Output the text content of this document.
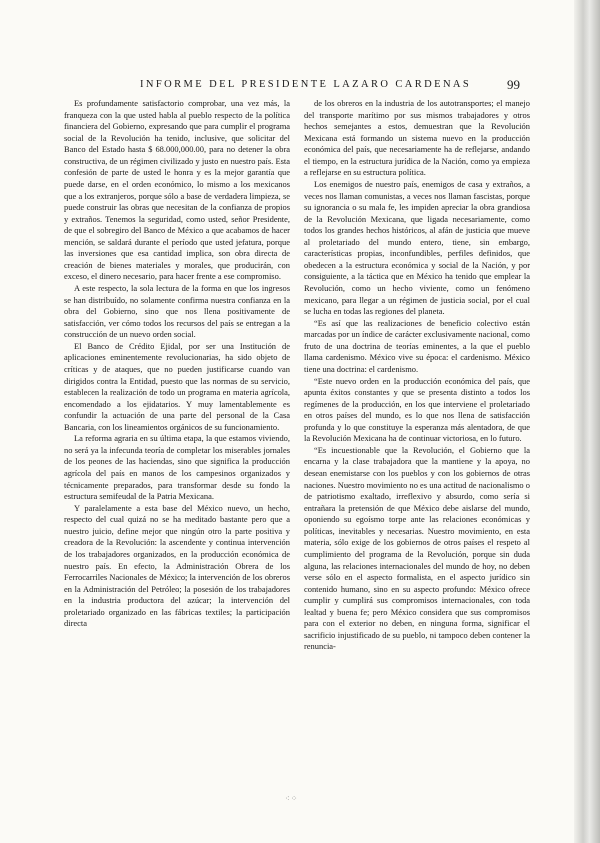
INFORME DEL PRESIDENTE LAZARO CARDENAS	99

Es profundamente satisfactorio comprobar, una vez más, la franqueza con la que usted habla al pueblo respecto de la política financiera del Gobierno, expresando que para cumplir el programa social de la Revolución ha tenido, inclusive, que solicitar del Banco del Estado hasta $ 68.000,000.00, para no detener la obra constructiva, de un régimen civilizado y justo en nuestro país. Esta confesión de parte de usted le honra y es la mejor garantía que puede darse, en el orden económico, lo mismo a los mexicanos que a los extranjeros, porque sólo a base de verdadera limpieza, se puede construir las obras que necesitan de la confianza de propios y extraños. Tenemos la seguridad, como usted, señor Presidente, de que el sobregiro del Banco de México a que acabamos de hacer mención, se saldará durante el período que usted jefatura, porque las inversiones que esa cantidad implica, son obra directa de creación de bienes materiales y morales, que producirán, con exceso, el dinero necesario, para hacer frente a ese compromiso.

A este respecto, la sola lectura de la forma en que los ingresos se han distribuído, no solamente confirma nuestra confianza en la obra del Gobierno, sino que nos llena positivamente de satisfacción, ver cómo todos los recursos del país se entregan a la construcción de un nuevo orden social.

El Banco de Crédito Ejidal, por ser una Institución de aplicaciones eminentemente revolucionarias, ha sido objeto de críticas y de ataques, que no pueden justificarse cuando van dirigidos contra la Entidad, puesto que las normas de su servicio, establecen la realización de todo un programa en materia agrícola, encomendado a los ejidatarios. Y muy lamentablemente es confundir la actuación de una parte del personal de la Casa Bancaria, con los lineamientos orgánicos de su funcionamiento.

La reforma agraria en su última etapa, la que estamos viviendo, no será ya la infecunda teoría de completar los miserables jornales de los peones de las haciendas, sino que significa la producción agrícola del país en manos de los campesinos organizados y técnicamente preparados, para transformar desde su fondo la estructura semifeudal de la Patria Mexicana.

Y paralelamente a esta base del México nuevo, un hecho, respecto del cual quizá no se ha meditado bastante pero que a nuestro juicio, define mejor que ningún otro la parte positiva y creadora de la Revolución: la ascendente y continua intervención de los trabajadores organizados, en la producción económica de nuestro país. En efecto, la Administración Obrera de los Ferrocarriles Nacionales de México; la intervención de los obreros en la Administración del Petróleo; la posesión de los trabajadores en la industria productora del azúcar; la intervención del proletariado organizado en las fábricas textiles; la participación directa

de los obreros en la industria de los autotransportes; el manejo del transporte marítimo por sus mismos trabajadores y otros hechos semejantes a estos, demuestran que la Revolución Mexicana está formando un sistema nuevo en la producción económica del país, que necesariamente ha de reflejarse, andando el tiempo, en la estructura jurídica de la Nación, como ya empieza a reflejarse en su estructura política.

Los enemigos de nuestro país, enemigos de casa y extraños, a veces nos llaman comunistas, a veces nos llaman fascistas, porque su ignorancia o su mala fe, les impiden apreciar la obra grandiosa de la Revolución Mexicana, que ligada necesariamente, como todos los grandes hechos históricos, al afán de justicia que mueve al proletariado del mundo entero, tiene, sin embargo, características propias, inconfundibles, perfiles definidos, que obedecen a la estructura económica y social de la Nación, y por consiguiente, a la táctica que en México ha tenido que emplear la Revolución, como un hecho viviente, como un fenómeno mexicano, para llegar a un régimen de justicia social, por el cual se lucha en todas las regiones del planeta.

“Es así que las realizaciones de beneficio colectivo están marcadas por un índice de carácter exclusivamente nacional, como fruto de una doctrina de teorías eminentes, a la que el pueblo llama cardenismo. México vive su época: el cardenismo. México tiene una doctrina: el cardenismo.

“Este nuevo orden en la producción económica del país, que apunta éxitos constantes y que se presenta distinto a todos los regímenes de la producción, en los que interviene el proletariado en otros países del mundo, es lo que nos llena de satisfacción profunda y lo que constituye la esperanza más alentadora, de que la Revolución Mexicana ha de continuar victoriosa, en lo futuro.

“Es incuestionable que la Revolución, el Gobierno que la encarna y la clase trabajadora que la mantiene y la apoya, no desean enemistarse con los pueblos y con los gobiernos de otras naciones. Nuestro movimiento no es una actitud de nacionalismo o de patriotismo exaltado, irreflexivo y absurdo, como sería si entrañara la pretensión de que México debe aislarse del mundo, oponiendo su egoísmo torpe ante las relaciones económicas y políticas, inevitables y necesarias. Nuestro movimiento, en esta materia, sólo exige de los gobiernos de otros países el respeto al cumplimiento del programa de la Revolución, porque sin duda alguna, las relaciones internacionales del mundo de hoy, no deben verse sólo en el aspecto formalista, en el aspecto jurídico sin contenido humano, sino en su aspecto profundo: México ofrece cumplir y cumplirá sus compromisos internacionales, con toda lealtad y buena fe; pero México considera que sus compromisos para con el exterior no deben, en ninguna forma, significar el sacrificio injustificado de su pueblo, ni tampoco deben contener la renuncia-

⁖⁘
